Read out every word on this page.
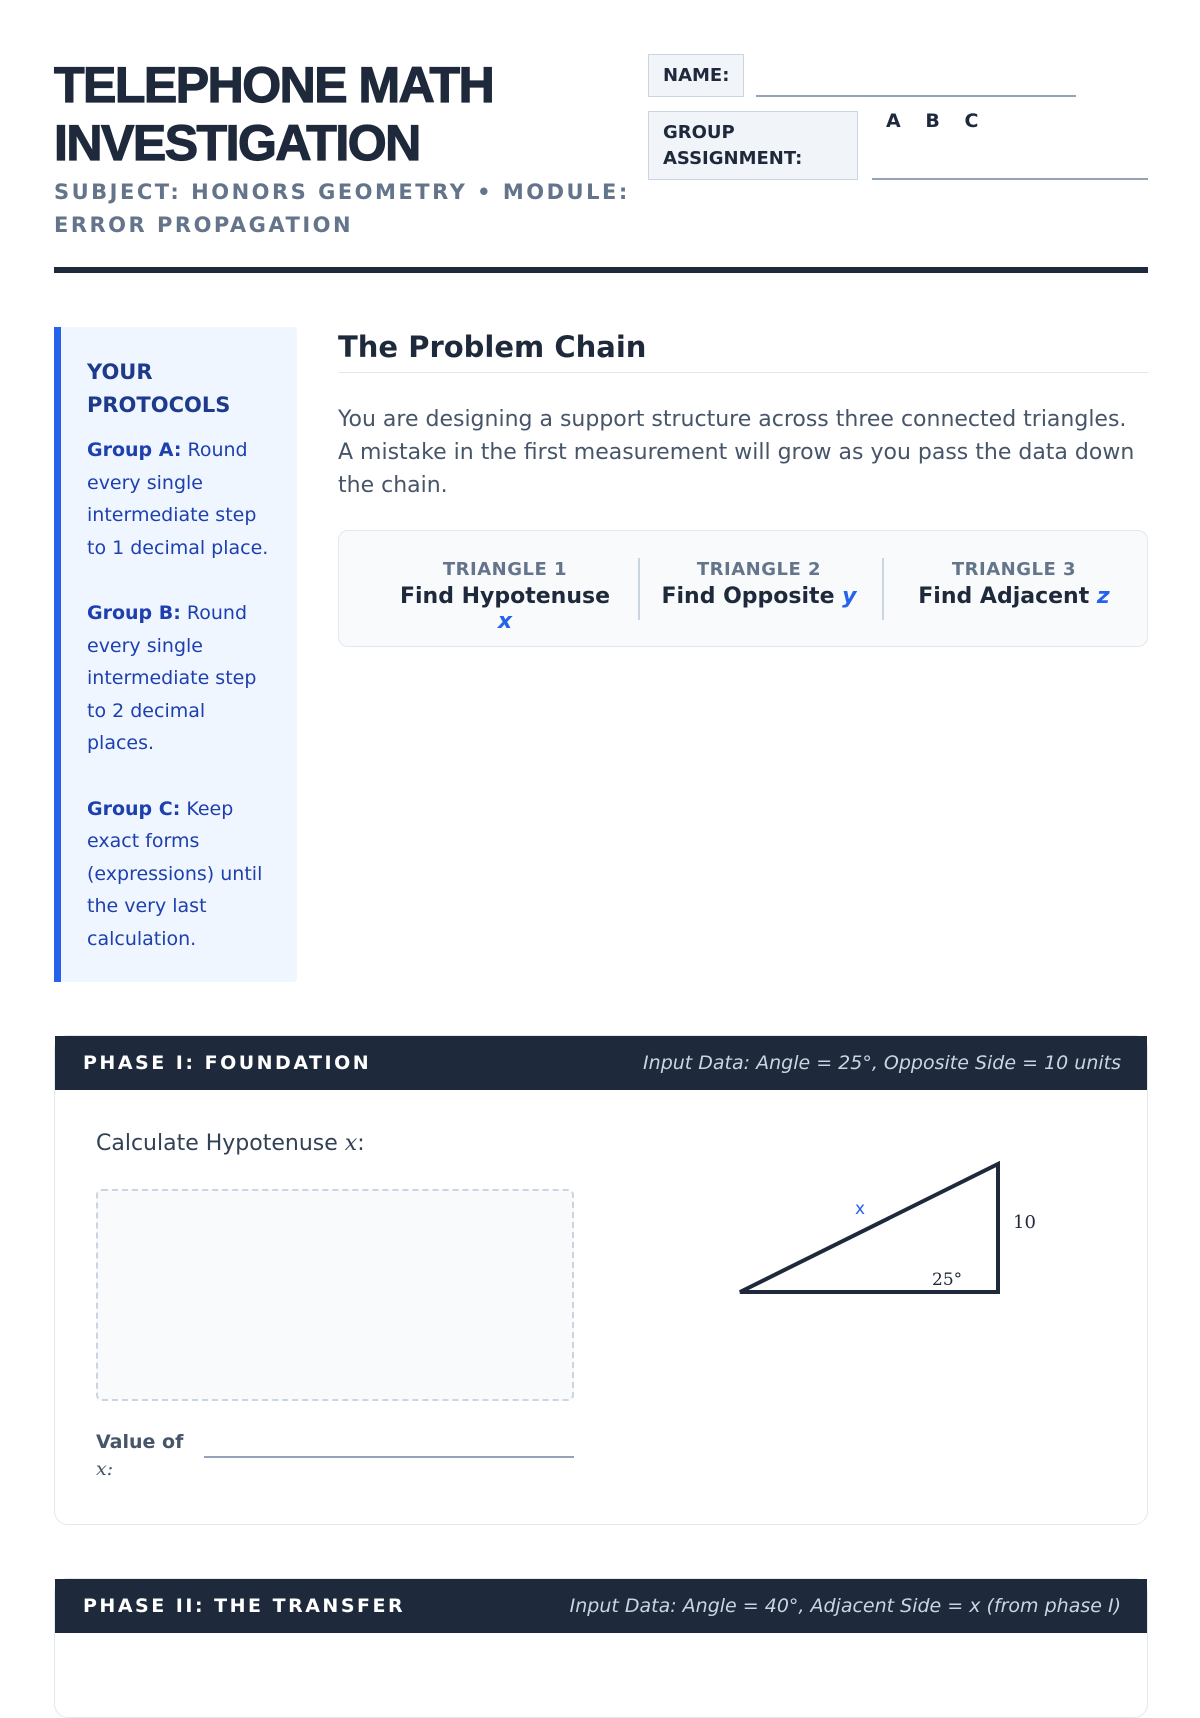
TELEPHONE MATH INVESTIGATION
SUBJECT: HONORS GEOMETRY • MODULE: ERROR PROPAGATION
NAME:
GROUP ASSIGNMENT:
A B C
YOUR PROTOCOLS

Group A: Round every single intermediate step to 1 decimal place.

Group B: Round every single intermediate step to 2 decimal places.

Group C: Keep exact forms (expressions) until the very last calculation.

The Problem Chain

You are designing a support structure across three connected triangles. A mistake in the first measurement will grow as you pass the data down the chain.

TRIANGLE 1
Find Hypotenuse x
TRIANGLE 2
Find Opposite y
TRIANGLE 3
Find Adjacent z
PHASE I: FOUNDATION	Input Data: Angle = 25°, Opposite Side = 10 units
Calculate Hypotenuse x:
Value of
x:
x
10
25°
PHASE II: THE TRANSFER	Input Data: Angle = 40°, Adjacent Side = x (from phase I)
